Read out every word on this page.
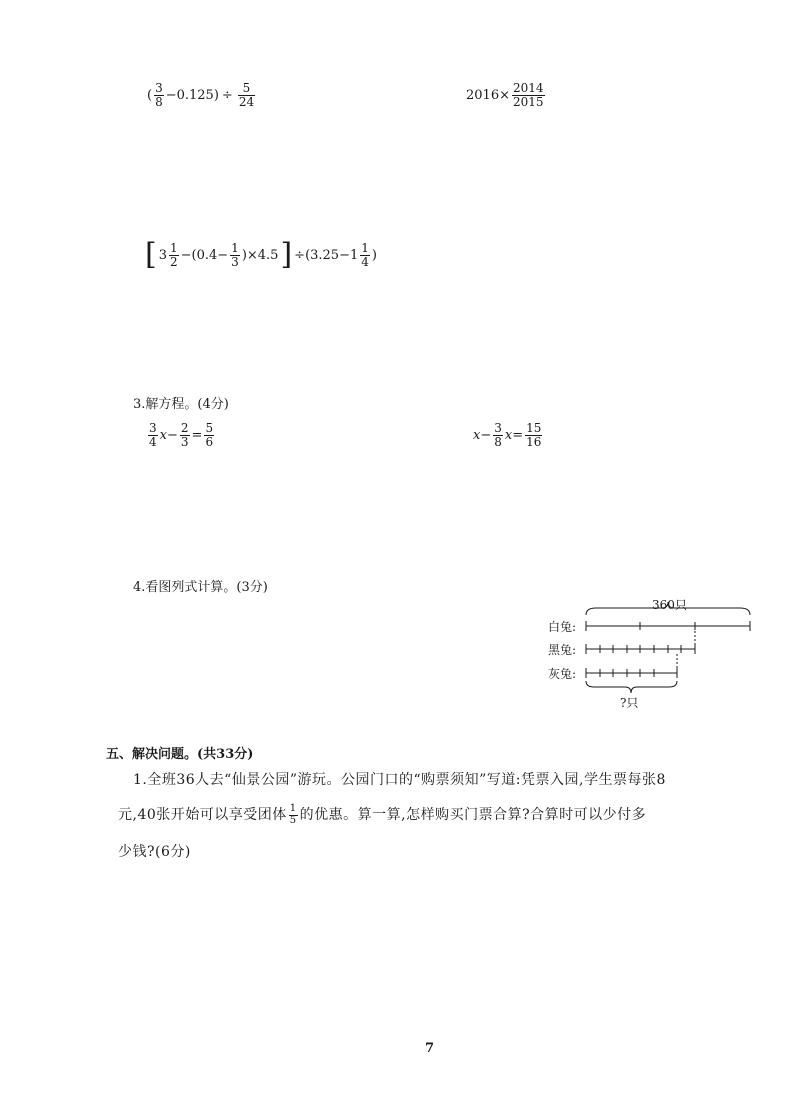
( $\frac{3}{8} -0.125) \div \frac{5}{24}$	$2016\times \frac{2014}{2015}$
[ $3 \frac{1}{2} -(0.4- \frac{1}{3} )\times 4.5$ ] $\div(3.25-1 \frac{1}{4}$ )
3.解方程。(4分)
$\frac{3}{4}$ $x - \frac{2}{3} = \frac{5}{6}$	$x - \frac{3}{8}$ $x = \frac{15}{16}$
4.看图列式计算。(3分)
360只
白兔:
黑兔:
灰兔:
?只
五、解决问题。(共33分)
1.全班36人去“仙景公园”游玩。公园门口的“购票须知”写道:凭票入园,学生票每张8
元,40张开始可以享受团体 $\frac{1}{5}$ 的优惠。算一算,怎样购买门票合算?合算时可以少付多
少钱?(6分)
7
